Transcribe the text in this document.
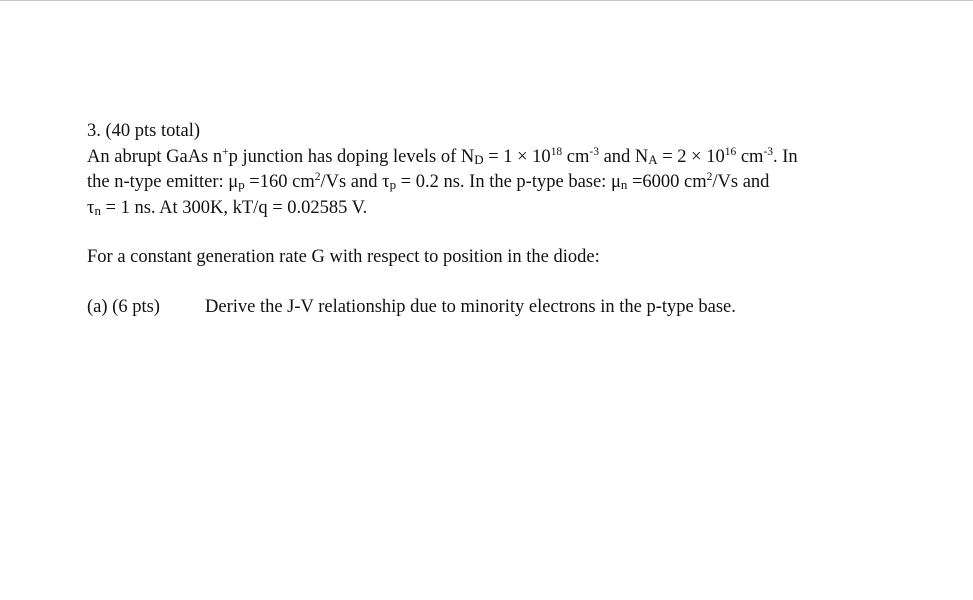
3. (40 pts total)
An abrupt GaAs n+p junction has doping levels of $N_D = 1 \times 10^{18}$ $cm^{-3}$ and $N_A = 2 \times 10^{16}$ $cm^{-3}$. In
the n-type emitter: $\mu_p =160$ $cm^2/Vs$ and $\tau_p = 0.2$ ns. In the p-type base: $\mu_n =6000$ $cm^2/Vs$ and
$\tau_n = 1$ ns. At 300K, kT/q = 0.02585 V.
For a constant generation rate G with respect to position in the diode:
(a) (6 pts) Derive the J-V relationship due to minority electrons in the p-type base.
